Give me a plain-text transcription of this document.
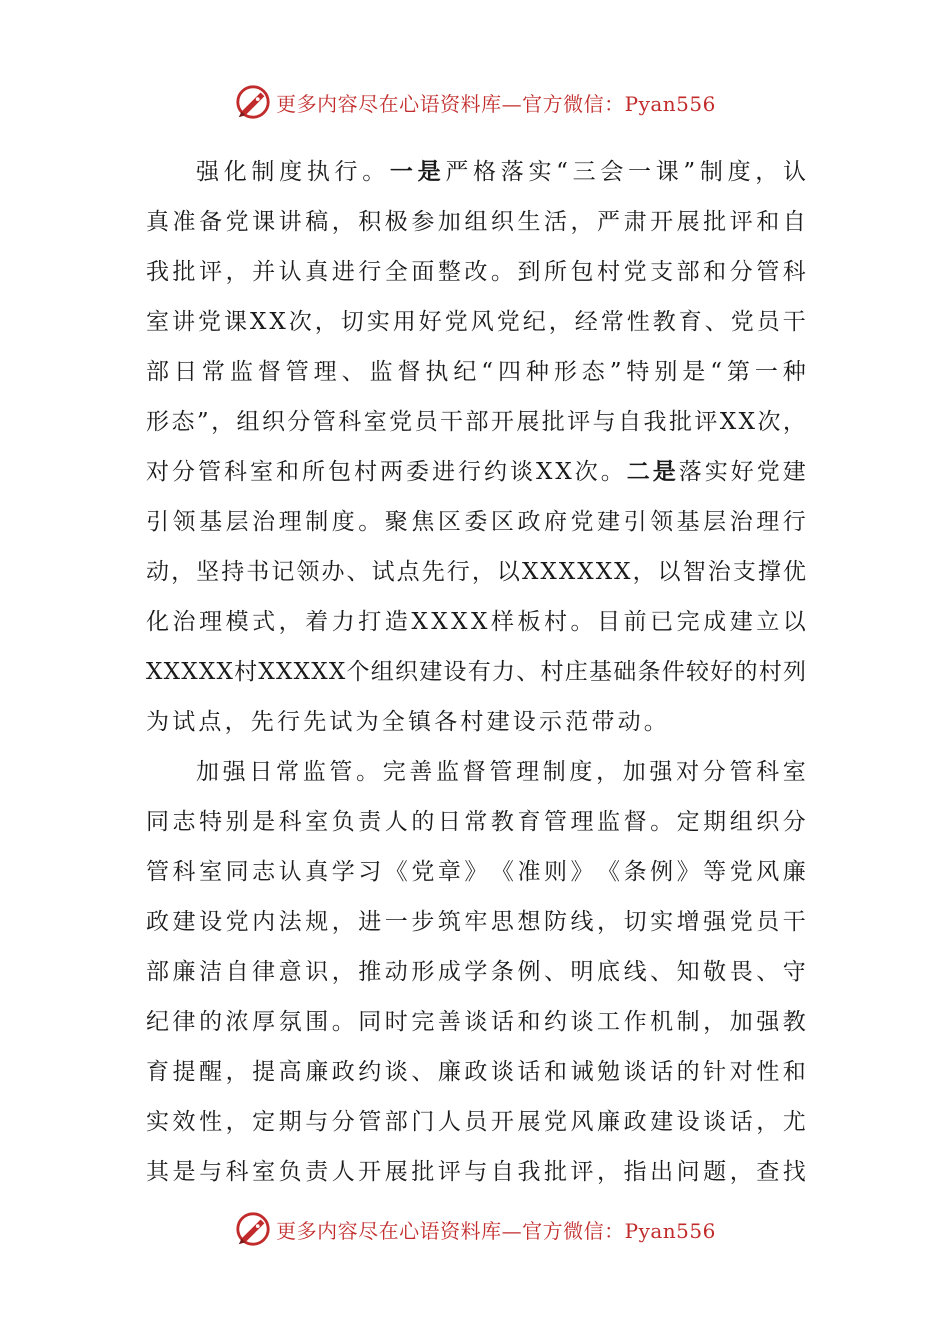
更多内容尽在心语资料库—官方微信：Pyan556
强 化 制 度 执 行 。 一 是 严 格 落 实 “ 三 会 一 课 ” 制 度 ， 认
真 准 备 党 课 讲 稿 ， 积 极 参 加 组 织 生 活 ， 严 肃 开 展 批 评 和 自
我 批 评 ， 并 认 真 进 行 全 面 整 改 。 到 所 包 村 党 支 部 和 分 管 科
室 讲 党 课 X X 次 ， 切 实 用 好 党 风 党 纪 ， 经 常 性 教 育 、 党 员 干
部 日 常 监 督 管 理 、 监 督 执 纪 “ 四 种 形 态 ” 特 别 是 “ 第 一 种
形 态 ” ， 组 织 分 管 科 室 党 员 干 部 开 展 批 评 与 自 我 批 评 X X 次 ，
对 分 管 科 室 和 所 包 村 两 委 进 行 约 谈 X X 次 。 二 是 落 实 好 党 建
引 领 基 层 治 理 制 度 。 聚 焦 区 委 区 政 府 党 建 引 领 基 层 治 理 行
动 ， 坚 持 书 记 领 办 、 试 点 先 行 ， 以 X X X X X X ， 以 智 治 支 撑 优
化 治 理 模 式 ， 着 力 打 造 X X X X 样 板 村 。 目 前 已 完 成 建 立 以
X X X X X 村 X X X X X 个 组 织 建 设 有 力 、 村 庄 基 础 条 件 较 好 的 村 列
为试点，先行先试为全镇各村建设示范带动。
加 强 日 常 监 管 。 完 善 监 督 管 理 制 度 ， 加 强 对 分 管 科 室
同 志 特 别 是 科 室 负 责 人 的 日 常 教 育 管 理 监 督 。 定 期 组 织 分
管 科 室 同 志 认 真 学 习 《 党 章 》 《 准 则 》 《 条 例 》 等 党 风 廉
政 建 设 党 内 法 规 ， 进 一 步 筑 牢 思 想 防 线 ， 切 实 增 强 党 员 干
部 廉 洁 自 律 意 识 ， 推 动 形 成 学 条 例 、 明 底 线 、 知 敬 畏 、 守
纪 律 的 浓 厚 氛 围 。 同 时 完 善 谈 话 和 约 谈 工 作 机 制 ， 加 强 教
育 提 醒 ， 提 高 廉 政 约 谈 、 廉 政 谈 话 和 诫 勉 谈 话 的 针 对 性 和
实 效 性 ， 定 期 与 分 管 部 门 人 员 开 展 党 风 廉 政 建 设 谈 话 ， 尤
其 是 与 科 室 负 责 人 开 展 批 评 与 自 我 批 评 ， 指 出 问 题 ， 查 找
更多内容尽在心语资料库—官方微信：Pyan556
